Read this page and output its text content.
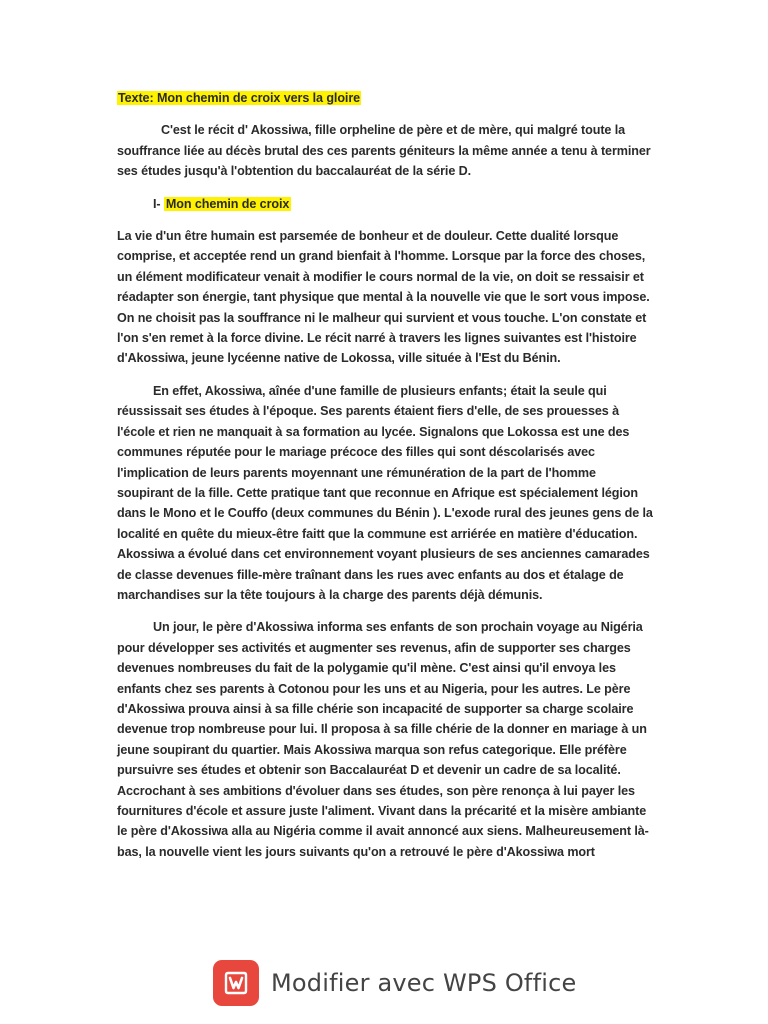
Texte: Mon chemin de croix vers la gloire

C'est le récit d' Akossiwa, fille orpheline de père et de mère, qui malgré toute la souffrance liée au décès brutal des ces parents géniteurs la même année a tenu à terminer ses études jusqu'à l'obtention du baccalauréat de la série D.

I- Mon chemin de croix

La vie d'un être humain est parsemée de bonheur et de douleur. Cette dualité lorsque comprise, et acceptée rend un grand bienfait à l'homme. Lorsque par la force des choses, un élément modificateur venait à modifier le cours normal de la vie, on doit se ressaisir et réadapter son énergie, tant physique que mental à la nouvelle vie que le sort vous impose. On ne choisit pas la souffrance ni le malheur qui survient et vous touche. L'on constate et l'on s'en remet à la force divine. Le récit narré à travers les lignes suivantes est l'histoire d'Akossiwa, jeune lycéenne native de Lokossa, ville située à l'Est du Bénin.

En effet, Akossiwa, aînée d'une famille de plusieurs enfants; était la seule qui réussissait ses études à l'époque. Ses parents étaient fiers d'elle, de ses prouesses à l'école et rien ne manquait à sa formation au lycée. Signalons que Lokossa est une des communes réputée pour le mariage précoce des filles qui sont déscolarisés avec l'implication de leurs parents moyennant une rémunération de la part de l'homme soupirant de la fille. Cette pratique tant que reconnue en Afrique est spécialement légion dans le Mono et le Couffo (deux communes du Bénin ). L'exode rural des jeunes gens de la localité en quête du mieux-être faitt que la commune est arriérée en matière d'éducation. Akossiwa a évolué dans cet environnement voyant plusieurs de ses anciennes camarades de classe devenues fille-mère traînant dans les rues avec enfants au dos et étalage de marchandises sur la tête toujours à la charge des parents déjà démunis.

Un jour, le père d'Akossiwa informa ses enfants de son prochain voyage au Nigéria pour développer ses activités et augmenter ses revenus, afin de supporter ses charges devenues nombreuses du fait de la polygamie qu'il mène. C'est ainsi qu'il envoya les enfants chez ses parents à Cotonou pour les uns et au Nigeria, pour les autres. Le père d'Akossiwa prouva ainsi à sa fille chérie son incapacité de supporter sa charge scolaire devenue trop nombreuse pour lui. Il proposa à sa fille chérie de la donner en mariage à un jeune soupirant du quartier. Mais Akossiwa marqua son refus categorique. Elle préfère pursuivre ses études et obtenir son Baccalauréat D et devenir un cadre de sa localité. Accrochant à ses ambitions d'évoluer dans ses études, son père renonça à lui payer les fournitures d'école et assure juste l'aliment. Vivant dans la précarité et la misère ambiante le père d'Akossiwa alla au Nigéria comme il avait annoncé aux siens. Malheureusement là-bas, la nouvelle vient les jours suivants qu'on a retrouvé le père d'Akossiwa mort

Modifier avec WPS Office
